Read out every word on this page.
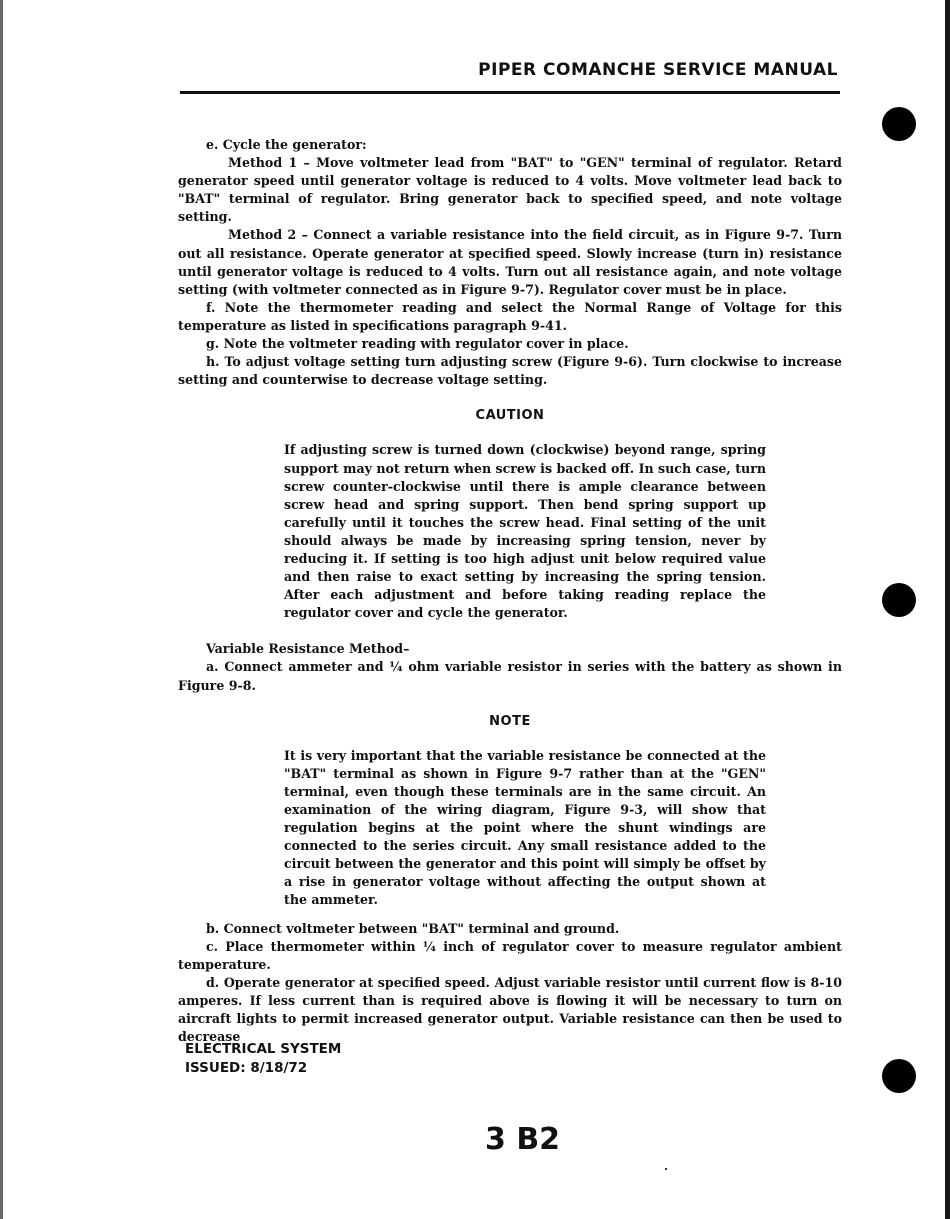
PIPER COMANCHE SERVICE MANUAL

e. Cycle the generator:

Method 1 – Move voltmeter lead from "BAT" to "GEN" terminal of regulator. Retard generator speed until generator voltage is reduced to 4 volts. Move voltmeter lead back to "BAT" terminal of regulator. Bring generator back to specified speed, and note voltage setting.

Method 2 – Connect a variable resistance into the field circuit, as in Figure 9-7. Turn out all resistance. Operate generator at specified speed. Slowly increase (turn in) resistance until generator voltage is reduced to 4 volts. Turn out all resistance again, and note voltage setting (with voltmeter connected as in Figure 9-7). Regulator cover must be in place.

f. Note the thermometer reading and select the Normal Range of Voltage for this temperature as listed in specifications paragraph 9-41.

g. Note the voltmeter reading with regulator cover in place.

h. To adjust voltage setting turn adjusting screw (Figure 9-6). Turn clockwise to increase setting and counterwise to decrease voltage setting.

CAUTION

If adjusting screw is turned down (clockwise) beyond range, spring support may not return when screw is backed off. In such case, turn screw counter-clockwise until there is ample clearance between screw head and spring support. Then bend spring support up carefully until it touches the screw head. Final setting of the unit should always be made by increasing spring tension, never by reducing it. If setting is too high adjust unit below required value and then raise to exact setting by increasing the spring tension. After each adjustment and before taking reading replace the regulator cover and cycle the generator.

Variable Resistance Method–

a. Connect ammeter and ¼ ohm variable resistor in series with the battery as shown in Figure 9-8.

NOTE

It is very important that the variable resistance be connected at the "BAT" terminal as shown in Figure 9-7 rather than at the "GEN" terminal, even though these terminals are in the same circuit. An examination of the wiring diagram, Figure 9-3, will show that regulation begins at the point where the shunt windings are connected to the series circuit. Any small resistance added to the circuit between the generator and this point will simply be offset by a rise in generator voltage without affecting the output shown at the ammeter.

b. Connect voltmeter between "BAT" terminal and ground.

c. Place thermometer within ¼ inch of regulator cover to measure regulator ambient temperature.

d. Operate generator at specified speed. Adjust variable resistor until current flow is 8-10 amperes. If less current than is required above is flowing it will be necessary to turn on aircraft lights to permit increased generator output. Variable resistance can then be used to decrease

ELECTRICAL SYSTEM
ISSUED: 8/18/72
3 B2
